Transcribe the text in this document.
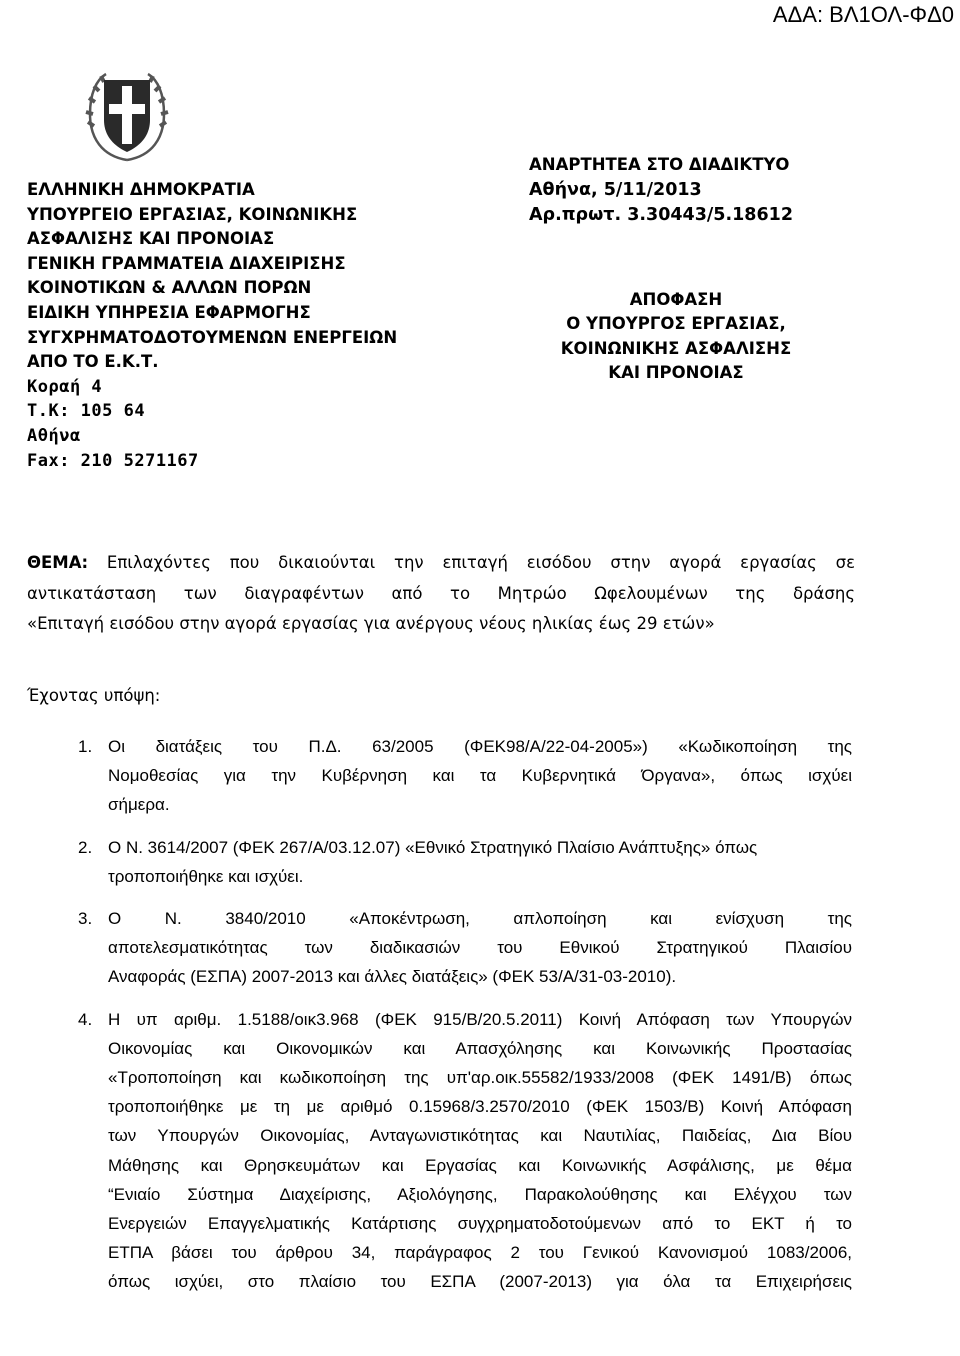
ΑΔΑ: ΒΛ1ΟΛ-ΦΔ0
ΕΛΛΗΝΙΚΗ ΔΗΜΟΚΡΑΤΙΑ
ΥΠΟΥΡΓΕΙΟ ΕΡΓΑΣΙΑΣ, ΚΟΙΝΩΝΙΚΗΣ
ΑΣΦΑΛΙΣΗΣ ΚΑΙ ΠΡΟΝΟΙΑΣ
ΓΕΝΙΚΗ ΓΡΑΜΜΑΤΕΙΑ ΔΙΑΧΕΙΡΙΣΗΣ
ΚΟΙΝΟΤΙΚΩΝ & ΑΛΛΩΝ ΠΟΡΩΝ
ΕΙΔΙΚΗ ΥΠΗΡΕΣΙΑ ΕΦΑΡΜΟΓΗΣ
ΣΥΓΧΡΗΜΑΤΟΔΟΤΟΥΜΕΝΩΝ ΕΝΕΡΓΕΙΩΝ
ΑΠΟ ΤΟ Ε.Κ.Τ.
Κοραή 4
Τ.Κ: 105 64
Αθήνα
Fax: 210 5271167
ΑΝΑΡΤΗΤΕΑ ΣΤΟ ΔΙΑΔΙΚΤΥΟ
Αθήνα, 5/11/2013
Αρ.πρωτ. 3.30443/5.18612
ΑΠΟΦΑΣΗ
Ο ΥΠΟΥΡΓΟΣ ΕΡΓΑΣΙΑΣ,
ΚΟΙΝΩΝΙΚΗΣ ΑΣΦΑΛΙΣΗΣ
ΚΑΙ ΠΡΟΝΟΙΑΣ
ΘΕΜΑ: Επιλαχόντες που δικαιούνται την επιταγή εισόδου στην αγορά εργασίας σε
αντικατάσταση των διαγραφέντων από το Μητρώο Ωφελουμένων της δράσης
«Επιταγή εισόδου στην αγορά εργασίας για ανέργους νέους ηλικίας έως 29 ετών»
Έχοντας υπόψη:
1. Οι διατάξεις του Π.Δ. 63/2005 (ΦΕΚ98/Α/22-04-2005») «Κωδικοποίηση της
Νομοθεσίας για την Κυβέρνηση και τα Κυβερνητικά Όργανα», όπως ισχύει
σήμερα.
2. Ο Ν. 3614/2007 (ΦΕΚ 267/Α/03.12.07) «Εθνικό Στρατηγικό Πλαίσιο Ανάπτυξης» όπως
τροποποιήθηκε και ισχύει.
3. Ο Ν. 3840/2010 «Αποκέντρωση, απλοποίηση και ενίσχυση της
αποτελεσματικότητας των διαδικασιών του Εθνικού Στρατηγικού Πλαισίου
Αναφοράς (ΕΣΠΑ) 2007-2013 και άλλες διατάξεις» (ΦΕΚ 53/Α/31-03-2010).
4. Η υπ αριθμ. 1.5188/οικ3.968 (ΦΕΚ 915/Β/20.5.2011) Κοινή Απόφαση των Υπουργών
Οικονομίας και Οικονομικών και Απασχόλησης και Κοινωνικής Προστασίας
«Τροποποίηση και κωδικοποίηση της υπ'αρ.οικ.55582/1933/2008 (ΦΕΚ 1491/Β) όπως
τροποποιήθηκε με τη με αριθμό 0.15968/3.2570/2010 (ΦΕΚ 1503/Β) Κοινή Απόφαση
των Υπουργών Οικονομίας, Ανταγωνιστικότητας και Ναυτιλίας, Παιδείας, Δια Βίου
Μάθησης και Θρησκευμάτων και Εργασίας και Κοινωνικής Ασφάλισης, με θέμα
“Ενιαίο Σύστημα Διαχείρισης, Αξιολόγησης, Παρακολούθησης και Ελέγχου των
Ενεργειών Επαγγελματικής Κατάρτισης συγχρηματοδοτούμενων από το ΕΚΤ ή το
ΕΤΠΑ βάσει του άρθρου 34, παράγραφος 2 του Γενικού Κανονισμού 1083/2006,
όπως ισχύει, στο πλαίσιο του ΕΣΠΑ (2007-2013) για όλα τα Επιχειρήσεις
